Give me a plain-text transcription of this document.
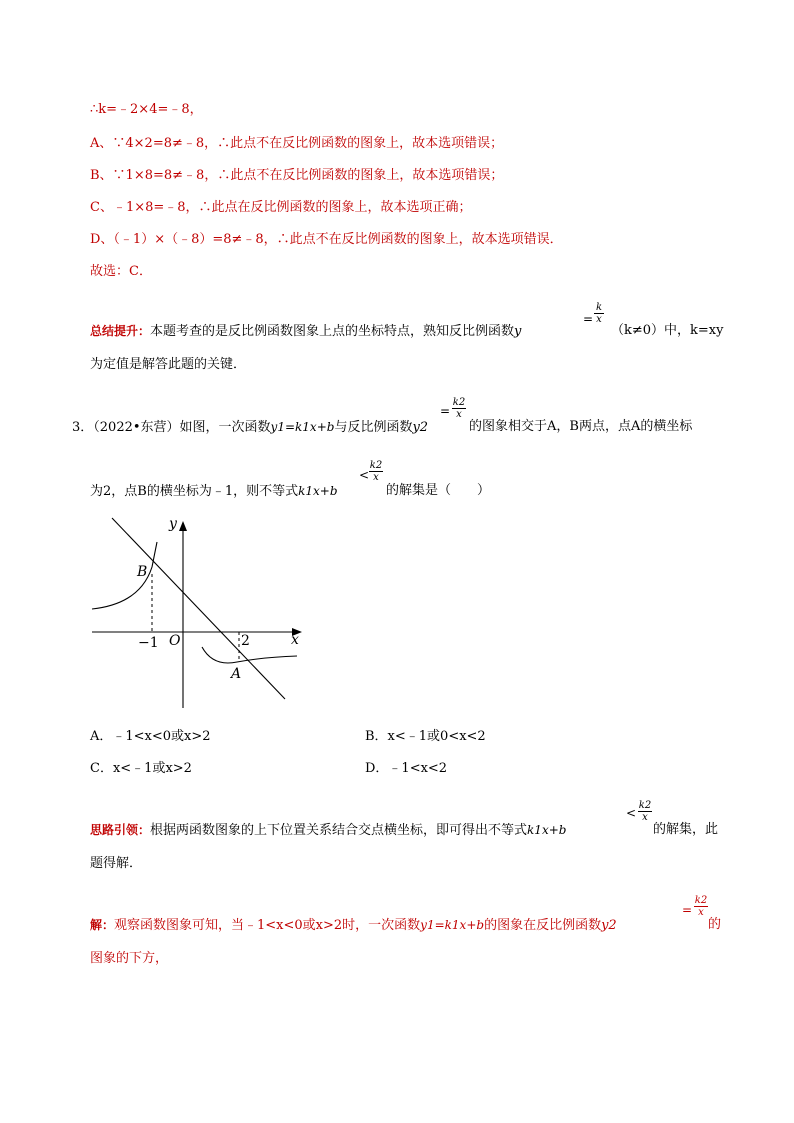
∴k=﹣2×4=﹣8，
A、∵4×2=8≠﹣8，∴此点不在反比例函数的图象上，故本选项错误；
B、∵1×8=8≠﹣8，∴此点不在反比例函数的图象上，故本选项错误；
C、﹣1×8=﹣8，∴此点在反比例函数的图象上，故本选项正确；
D、（﹣1）×（﹣8）=8≠﹣8，∴此点不在反比例函数的图象上，故本选项错误．
故选：C．
总结提升：本题考查的是反比例函数图象上点的坐标特点，熟知反比例函数y
= $\frac{k}{x}$
（k≠0）中，k=xy
为定值是解答此题的关键．
3．（2022•东营）如图，一次函数y1=k1x+b与反比例函数y2
= $\frac{k2}{x}$
的图象相交于A，B两点，点A的横坐标
为2，点B的横坐标为﹣1，则不等式k1x+b
< $\frac{k2}{x}$
的解集是（　　）
x
y
O
B
A
−1	2
A．﹣1<x<0或x>2	B．x<﹣1或0<x<2
C．x<﹣1或x>2	D．﹣1<x<2
思路引领：根据两函数图象的上下位置关系结合交点横坐标，即可得出不等式k1x+b
< $\frac{k2}{x}$
的解集，此
题得解．
解：观察函数图象可知，当﹣1<x<0或x>2时，一次函数y1=k1x+b的图象在反比例函数y2
= $\frac{k2}{x}$
的
图象的下方，
